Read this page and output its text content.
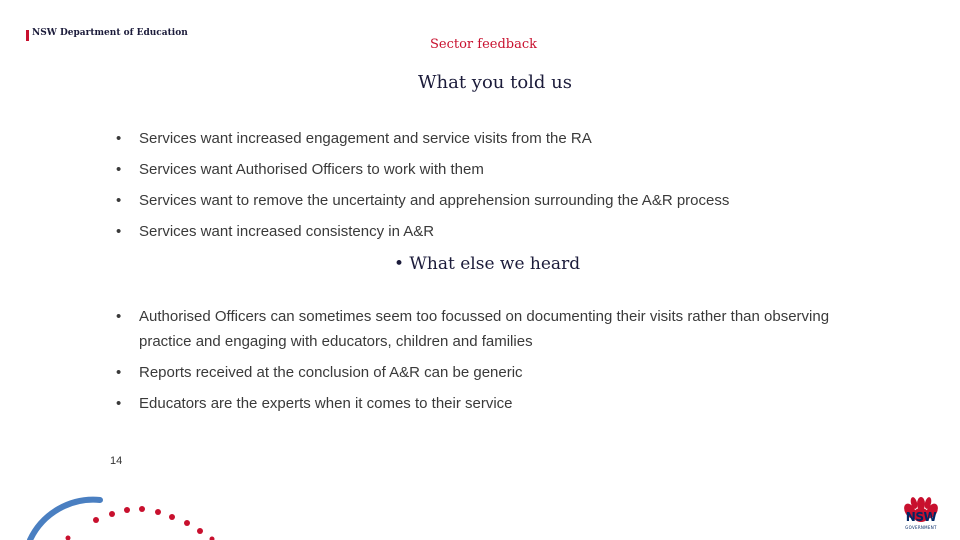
NSW Department of Education
Sector feedback
What you told us
•	Services want increased engagement and service visits from the RA
•	Services want Authorised Officers to work with them
•	Services want to remove the uncertainty and apprehension surrounding the A&R process
•	Services want increased consistency in A&R
• What else we heard
•	Authorised Officers can sometimes seem too focussed on documenting their visits rather than observing practice and engaging with educators, children and families
•	Reports received at the conclusion of A&R can be generic
•	Educators are the experts when it comes to their service
14
NSW
GOVERNMENT
